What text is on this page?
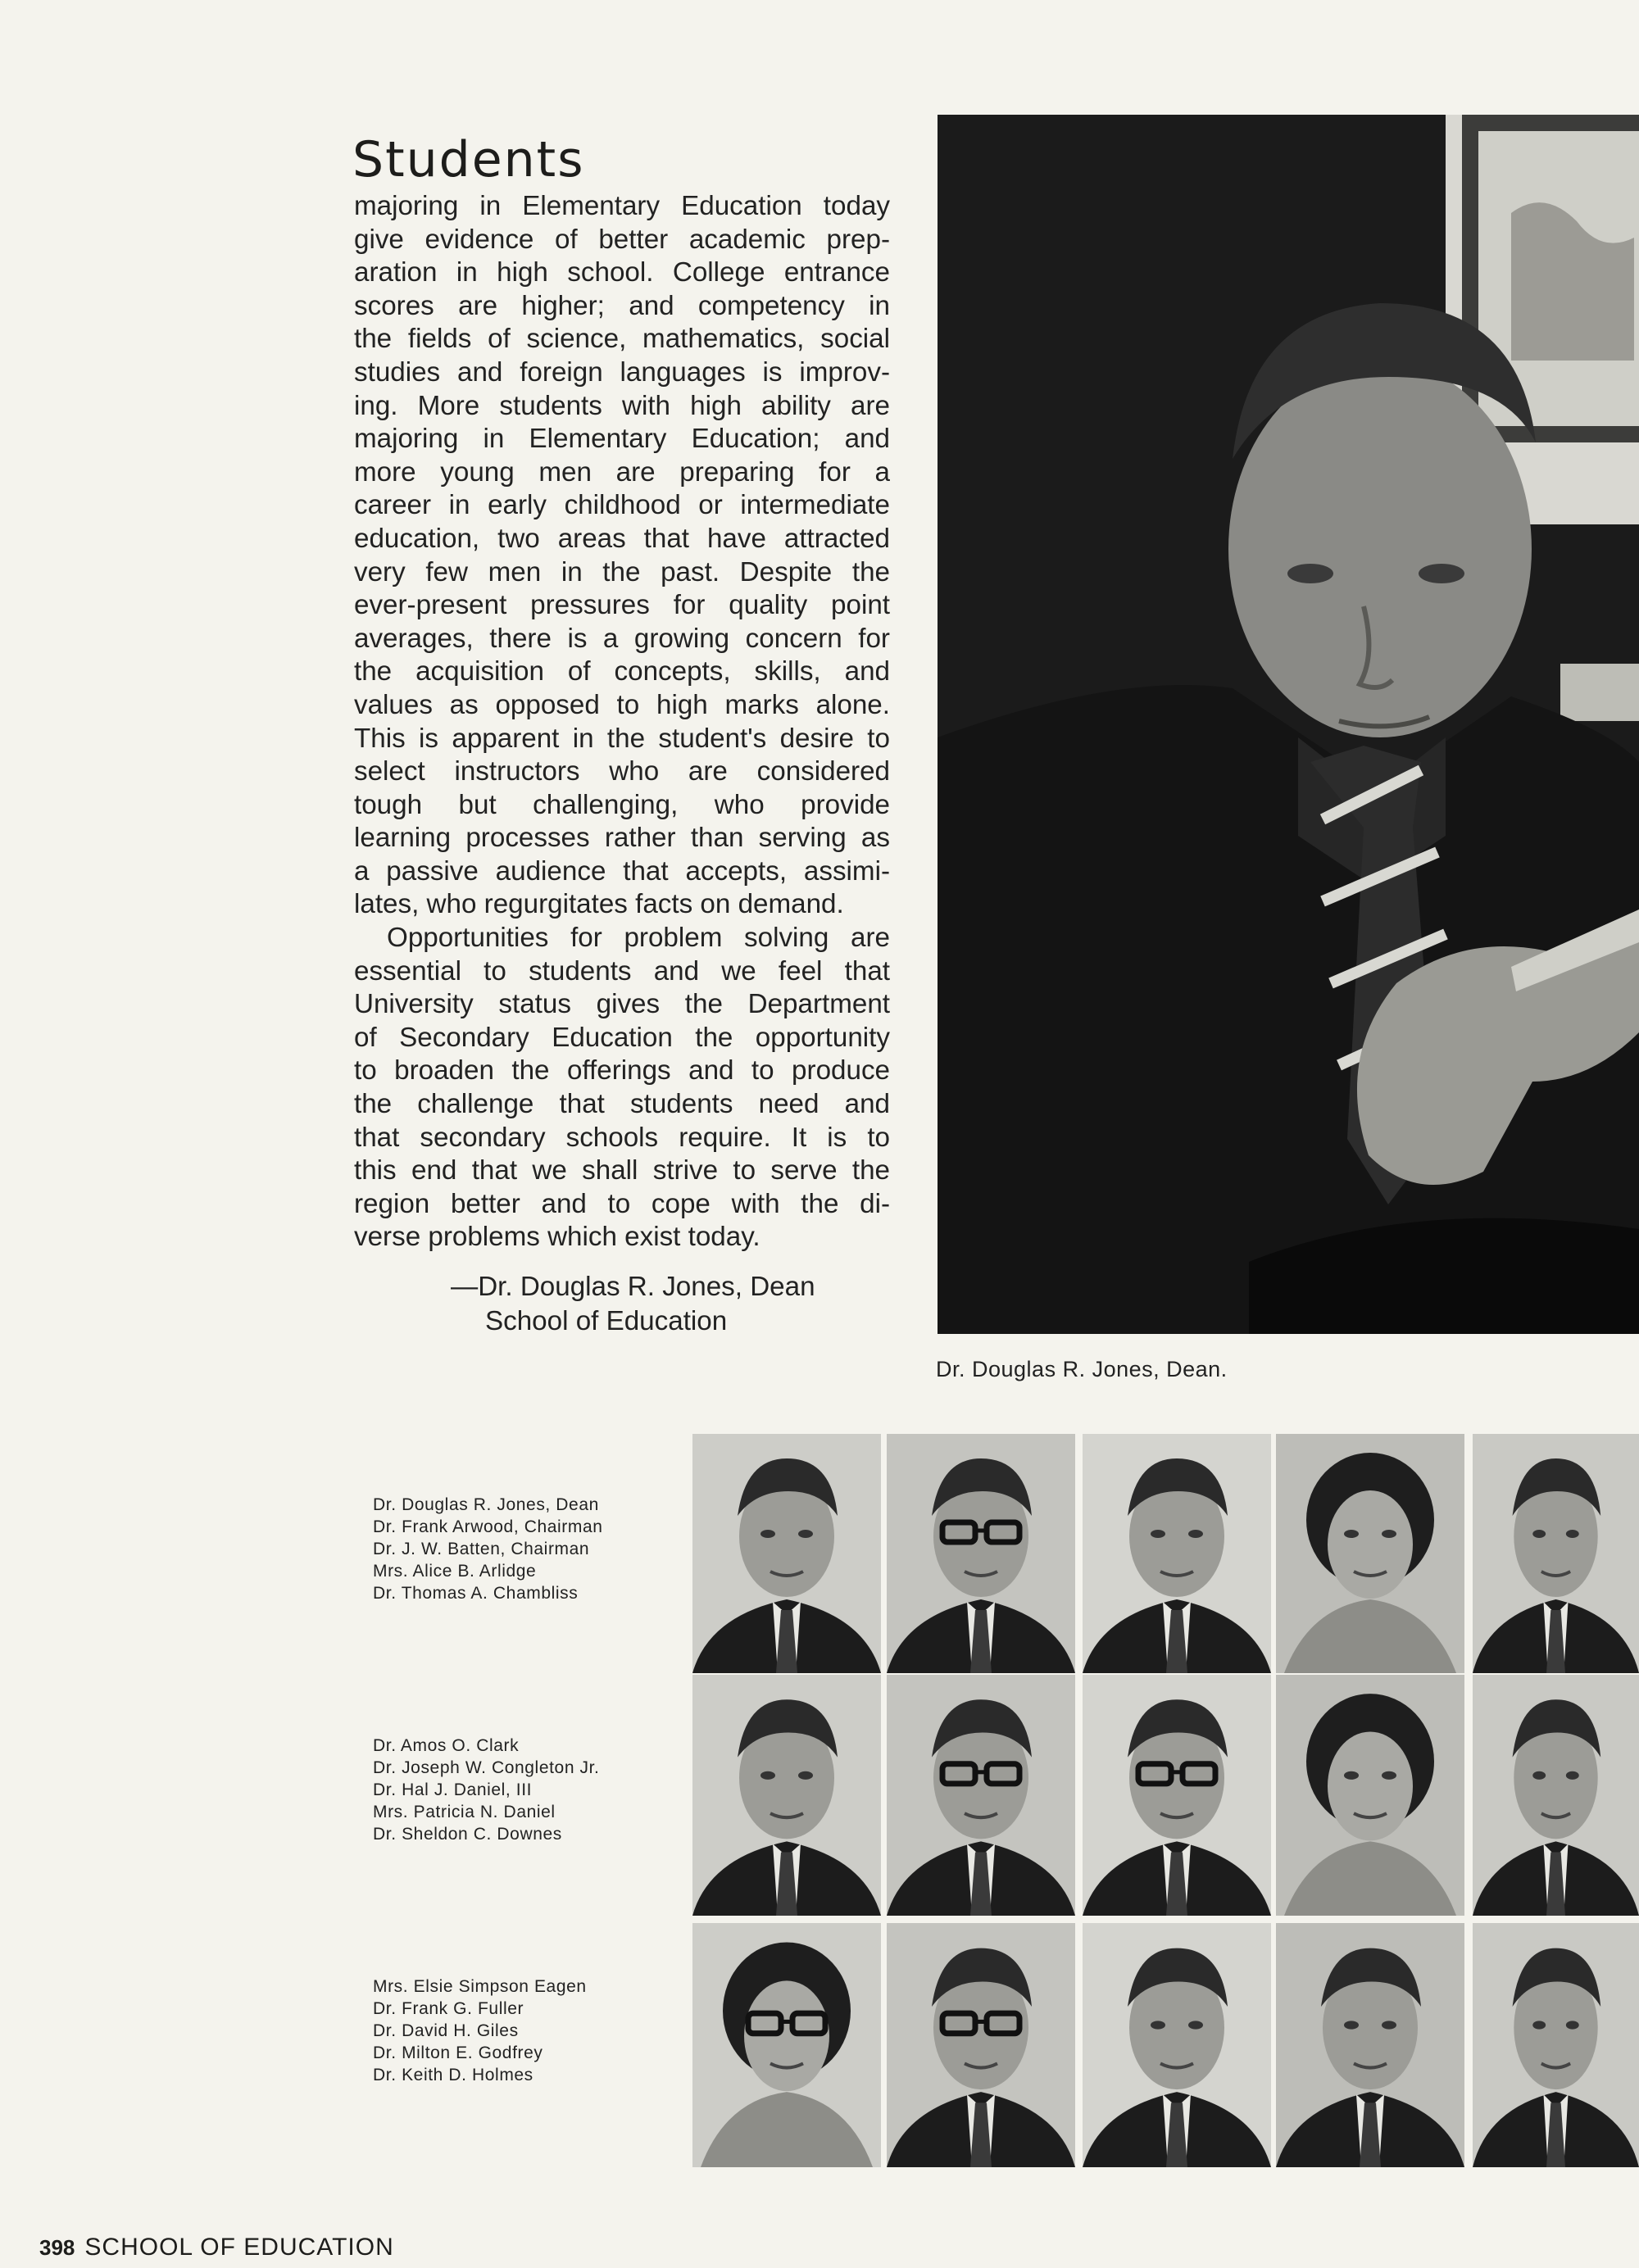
Students
majoring in Elementary Education today
give evidence of better academic prep-
aration in high school. College entrance
scores are higher; and competency in
the fields of science, mathematics, social
studies and foreign languages is improv-
ing. More students with high ability are
majoring in Elementary Education; and
more young men are preparing for a
career in early childhood or intermediate
education, two areas that have attracted
very few men in the past. Despite the
ever-present pressures for quality point
averages, there is a growing concern for
the acquisition of concepts, skills, and
values as opposed to high marks alone.
This is apparent in the student's desire to
select instructors who are considered
tough but challenging, who provide
learning processes rather than serving as
a passive audience that accepts, assimi-
lates, who regurgitates facts on demand.
Opportunities for problem solving are
essential to students and we feel that
University status gives the Department
of Secondary Education the opportunity
to broaden the offerings and to produce
the challenge that students need and
that secondary schools require. It is to
this end that we shall strive to serve the
region better and to cope with the di-
verse problems which exist today.
—Dr. Douglas R. Jones, Dean
School of Education
Dr. Douglas R. Jones, Dean.
Dr. Douglas R. Jones, Dean
Dr. Frank Arwood, Chairman
Dr. J. W. Batten, Chairman
Mrs. Alice B. Arlidge
Dr. Thomas A. Chambliss
Dr. Amos O. Clark
Dr. Joseph W. Congleton Jr.
Dr. Hal J. Daniel, III
Mrs. Patricia N. Daniel
Dr. Sheldon C. Downes
Mrs. Elsie Simpson Eagen
Dr. Frank G. Fuller
Dr. David H. Giles
Dr. Milton E. Godfrey
Dr. Keith D. Holmes
398 SCHOOL OF EDUCATION
